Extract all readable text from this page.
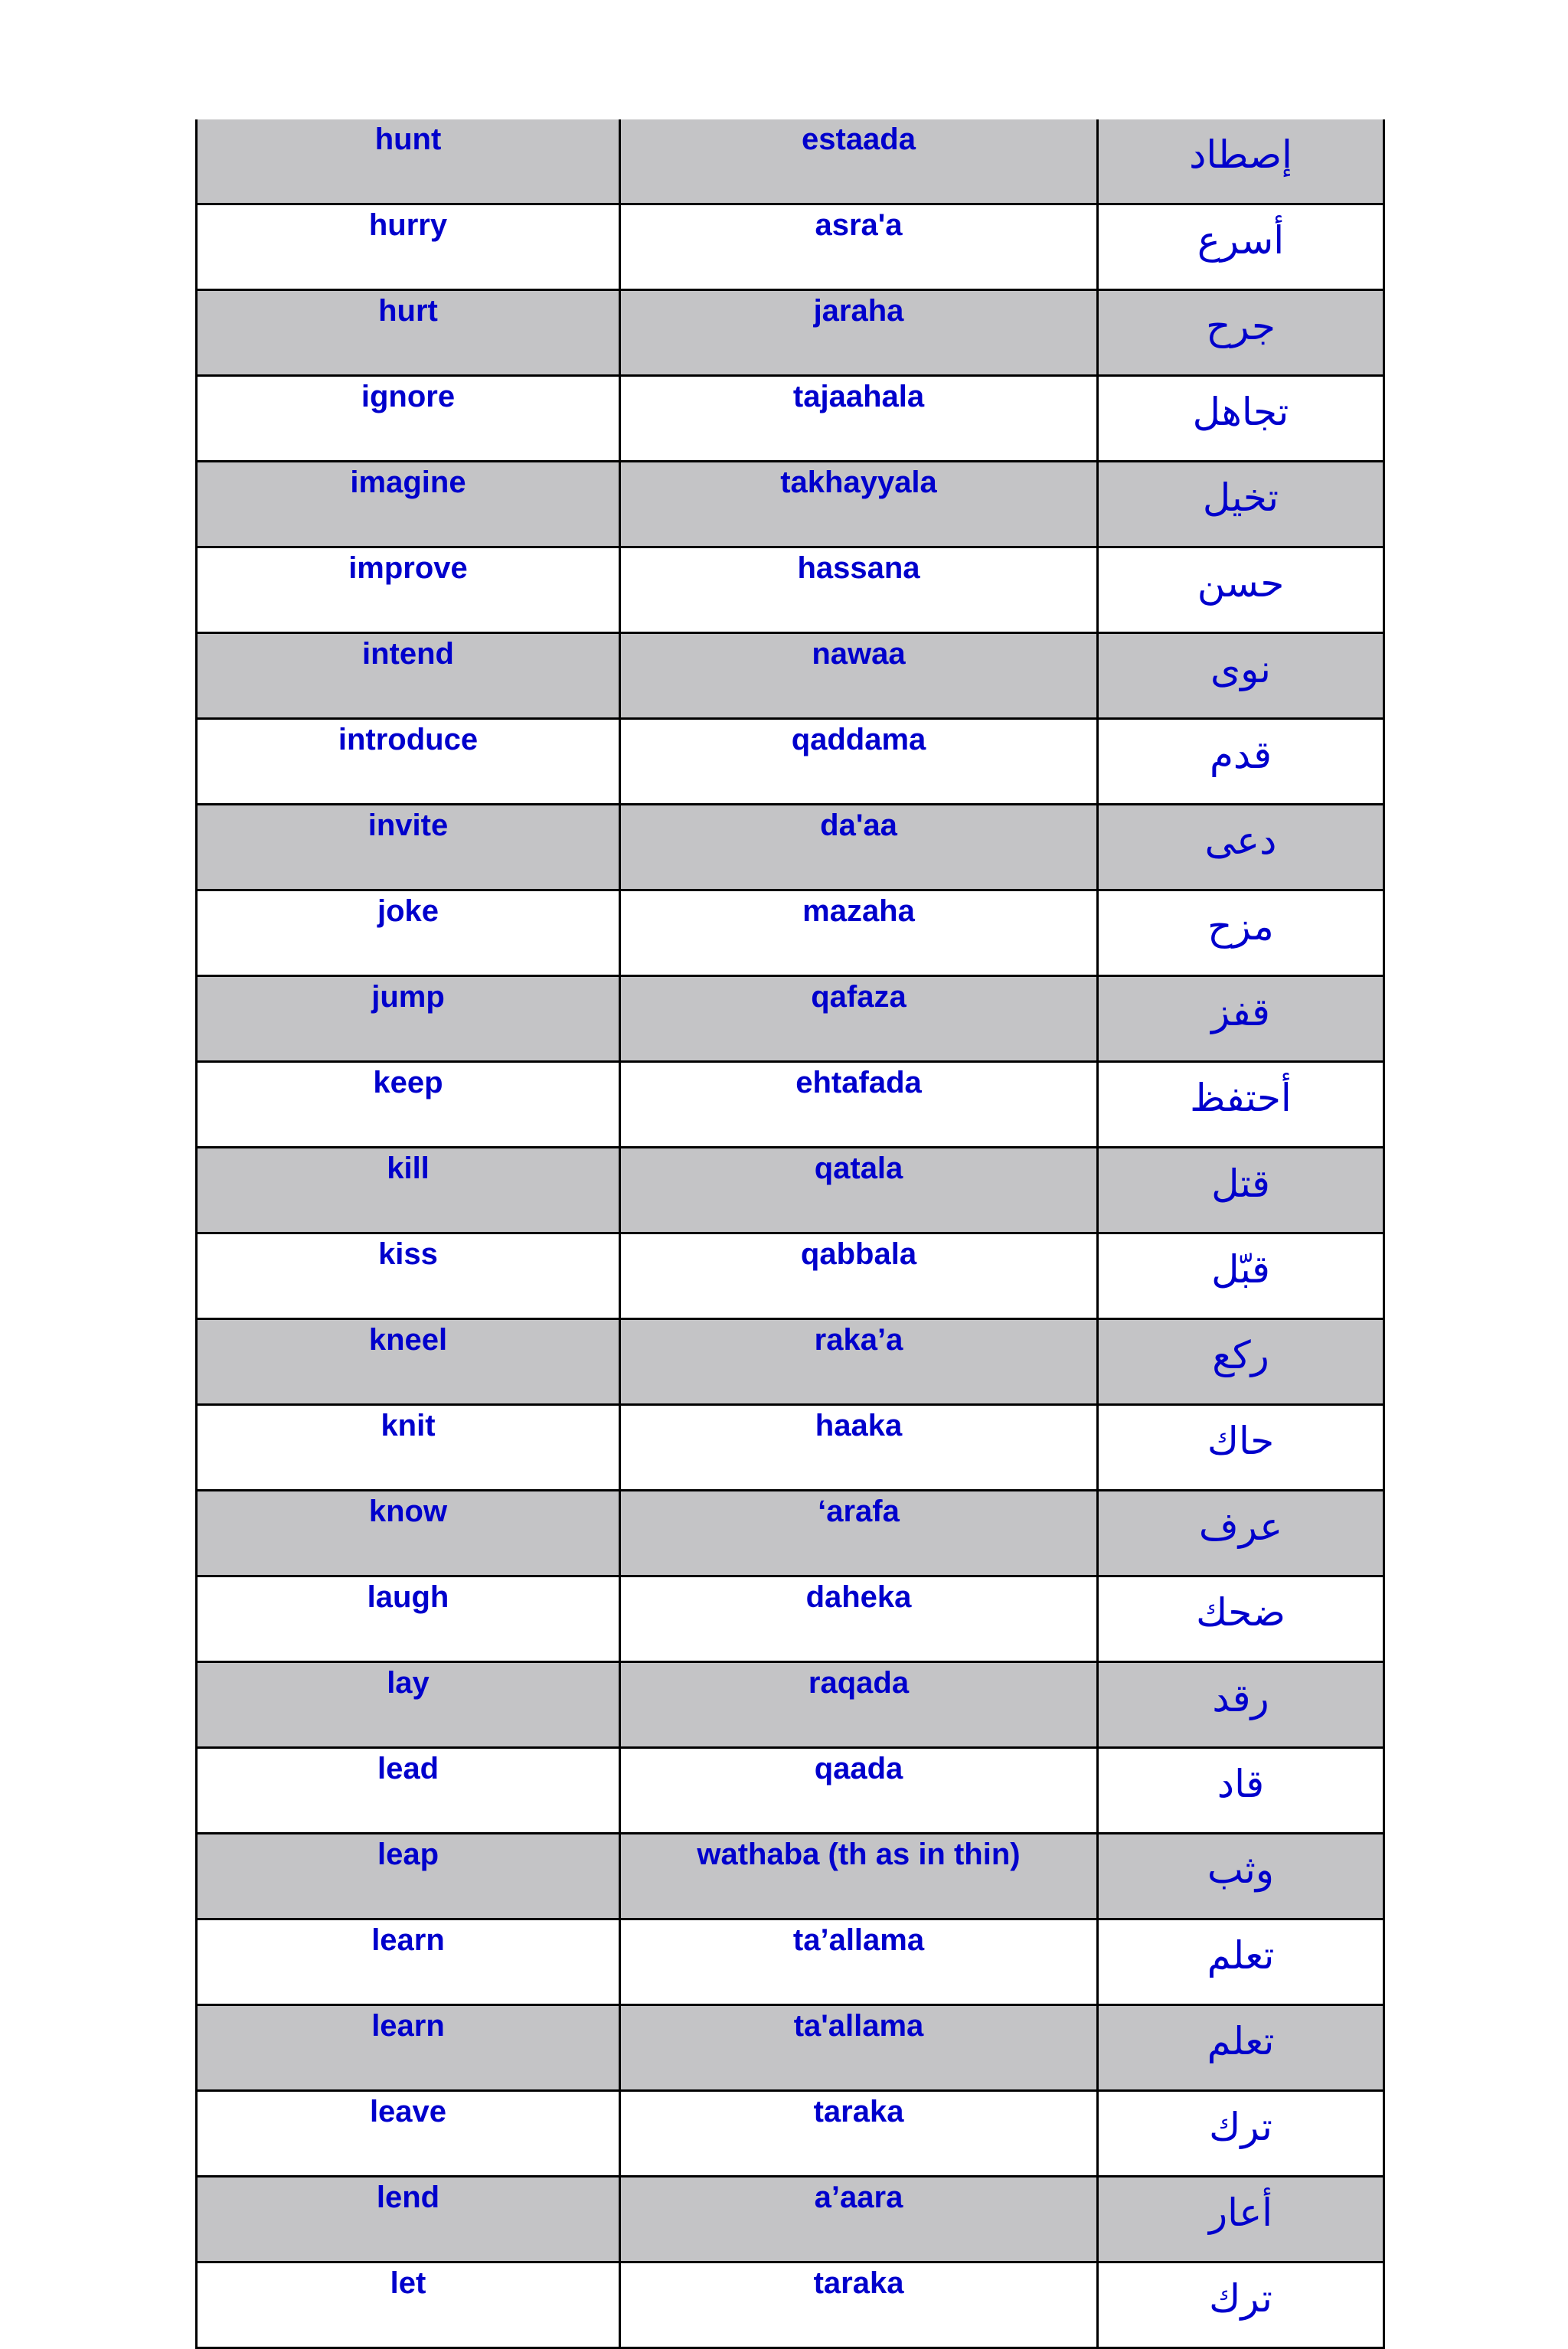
hunt	estaada	إصطاد
hurry	asra'a	أسرع
hurt	jaraha	جرح
ignore	tajaahala	تجاهل
imagine	takhayyala	تخيل
improve	hassana	حسن
intend	nawaa	نوى
introduce	qaddama	قدم
invite	da'aa	دعى
joke	mazaha	مزح
jump	qafaza	قفز
keep	ehtafada	أحتفظ
kill	qatala	قتل
kiss	qabbala	قبّل
kneel	raka’a	ركع
knit	haaka	حاك
know	‘arafa	عرف
laugh	daheka	ضحك
lay	raqada	رقد
lead	qaada	قاد
leap	wathaba (th as in thin)	وثب
learn	ta’allama	تعلم
learn	ta'allama	تعلم
leave	taraka	ترك
lend	a’aara	أعار
let	taraka	ترك
